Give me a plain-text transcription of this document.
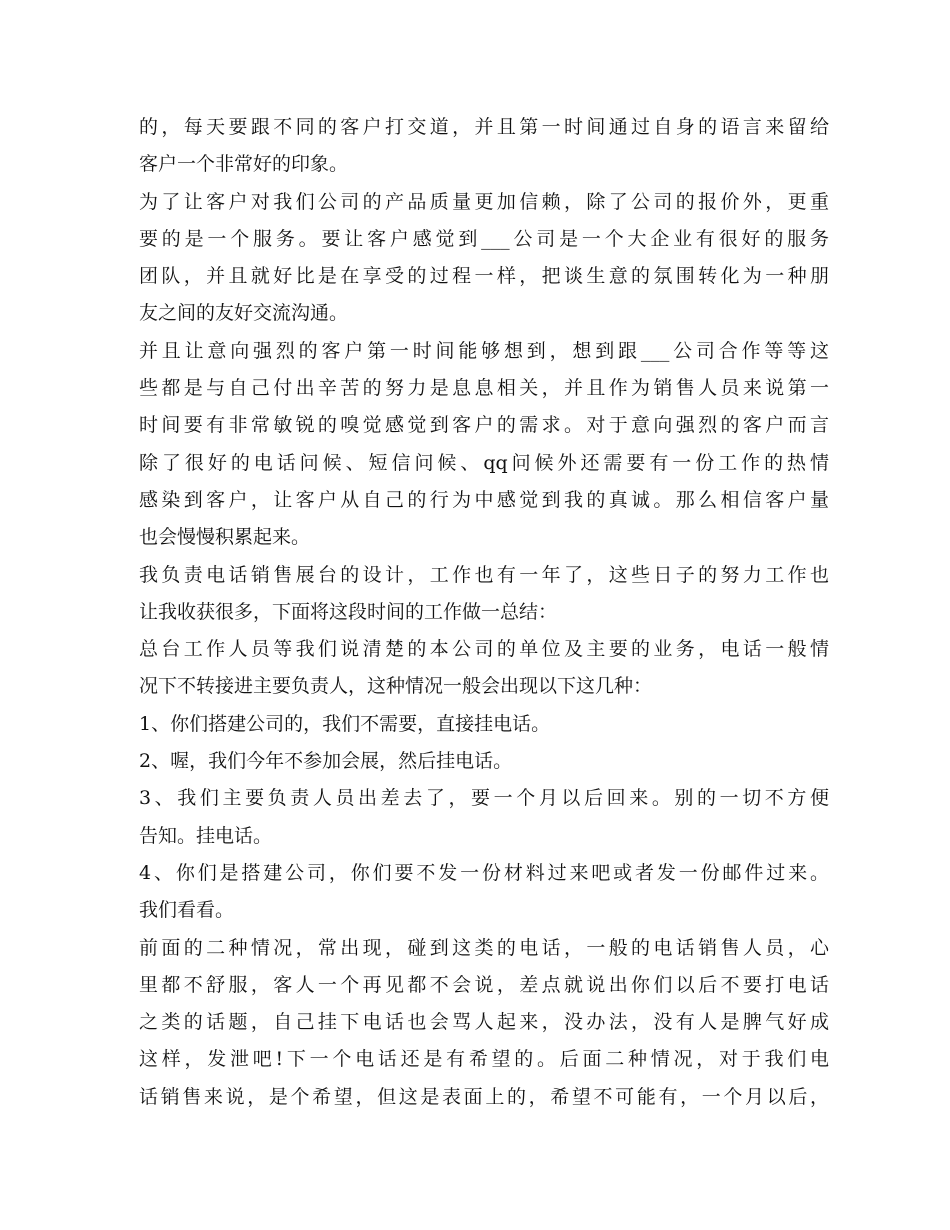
的，每天要跟不同的客户打交道，并且第一时间通过自身的语言来留给
客户一个非常好的印象。
为了让客户对我们公司的产品质量更加信赖，除了公司的报价外，更重
要的是一个服务。要让客户感觉到___公司是一个大企业有很好的服务
团队，并且就好比是在享受的过程一样，把谈生意的氛围转化为一种朋
友之间的友好交流沟通。
并且让意向强烈的客户第一时间能够想到，想到跟___公司合作等等这
些都是与自己付出辛苦的努力是息息相关，并且作为销售人员来说第一
时间要有非常敏锐的嗅觉感觉到客户的需求。对于意向强烈的客户而言
除了很好的电话问候、短信问候、qq问候外还需要有一份工作的热情
感染到客户，让客户从自己的行为中感觉到我的真诚。那么相信客户量
也会慢慢积累起来。
我负责电话销售展台的设计，工作也有一年了，这些日子的努力工作也
让我收获很多，下面将这段时间的工作做一总结：
总台工作人员等我们说清楚的本公司的单位及主要的业务，电话一般情
况下不转接进主要负责人，这种情况一般会出现以下这几种：
1、你们搭建公司的，我们不需要，直接挂电话。
2、喔，我们今年不参加会展，然后挂电话。
3、我们主要负责人员出差去了，要一个月以后回来。别的一切不方便
告知。挂电话。
4、你们是搭建公司，你们要不发一份材料过来吧或者发一份邮件过来。
我们看看。
前面的二种情况，常出现，碰到这类的电话，一般的电话销售人员，心
里都不舒服，客人一个再见都不会说，差点就说出你们以后不要打电话
之类的话题，自己挂下电话也会骂人起来，没办法，没有人是脾气好成
这样，发泄吧!下一个电话还是有希望的。后面二种情况，对于我们电
话销售来说，是个希望，但这是表面上的，希望不可能有，一个月以后，
